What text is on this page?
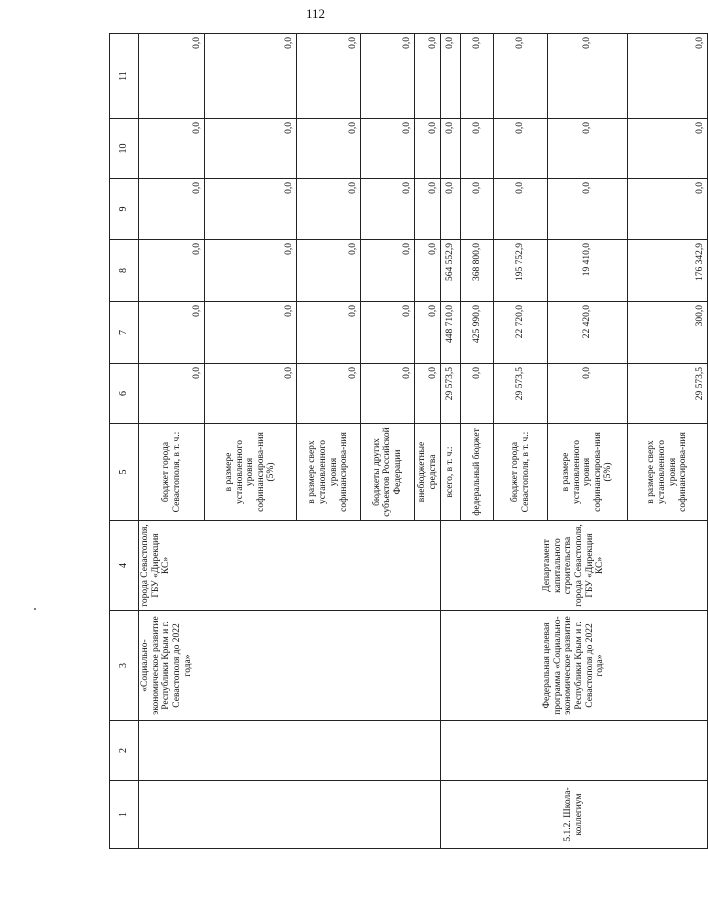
112
1	2	3	4	5	6	7	8	9	10	11	
		«Социально-экономическое развитие Республики Крым и г. Севастополя до 2022 года»	города Севастополя, ГБУ «Дирекция КС»	бюджет города Севастополя, в т. ч.:	0,0	0,0	0,0	0,0	0,0	0,0	
				в размере установленного уровня софинансирова-ния (5%)	0,0	0,0	0,0	0,0	0,0	0,0	
				в размере сверх установленного уровня софинансирова-ния	0,0	0,0	0,0	0,0	0,0	0,0	
				бюджеты других субъектов Российской Федерации	0,0	0,0	0,0	0,0	0,0	0,0	
				внебюджетные средства	0,0	0,0	0,0	0,0	0,0	0,0	
5.1.2. Школа-коллегиум		Федеральная целевая программа «Социально-экономическое развитие Республики Крым и г. Севастополя до 2022 года»	Департамент капитального строительства города Севастополя, ГБУ «Дирекция КС»	всего, в т. ч.:	29 573,5	448 710,0	564 552,9	0,0	0,0	0,0	
				федеральный бюджет	0,0	425 990,0	368 800,0	0,0	0,0	0,0	
				бюджет города Севастополя, в т. ч.:	29 573,5	22 720,0	195 752,9	0,0	0,0	0,0	
				в размере установленного уровня софинансирова-ния (5%)	0,0	22 420,0	19 410,0	0,0	0,0	0,0	
				в размере сверх установленного уровня софинансирова-ния	29 573,5	300,0	176 342,9	0,0	0,0	0,0	
